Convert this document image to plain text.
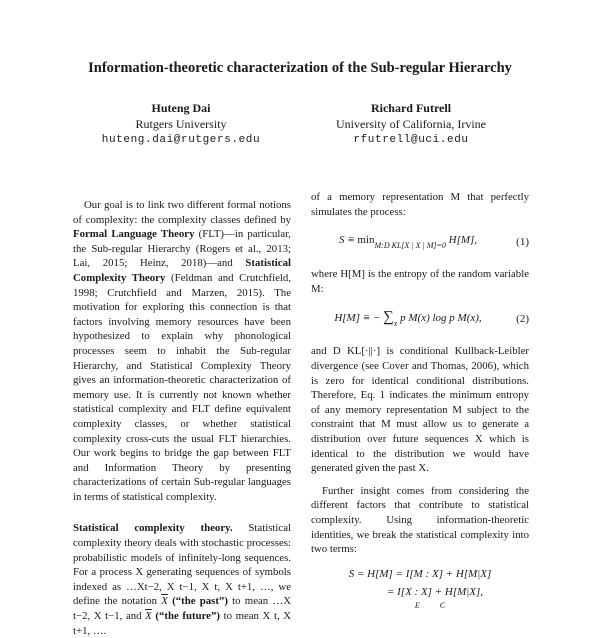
Information-theoretic characterization of the Sub-regular Hierarchy
Huteng Dai
Rutgers University
huteng.dai@rutgers.edu
Richard Futrell
University of California, Irvine
rfutrell@uci.edu

Our goal is to link two different formal notions of complexity: the complexity classes defined by Formal Language Theory (FLT)—in particular, the Sub-regular Hierarchy (Rogers et al., 2013; Lai, 2015; Heinz, 2018)—and Statistical Complexity Theory (Feldman and Crutchfield, 1998; Crutchfield and Marzen, 2015). The motivation for exploring this connection is that factors involving memory resources have been hypothesized to explain why phonological processes seem to inhabit the Sub-regular Hierarchy, and Statistical Complexity Theory gives an information-theoretic characterization of memory use. It is currently not known whether statistical complexity and FLT define equivalent complexity classes, or whether statistical complexity cross-cuts the usual FLT hierarchies. Our work begins to bridge the gap between FLT and Information Theory by presenting characterizations of certain Sub-regular languages in terms of statistical complexity.

Statistical complexity theory. Statistical complexity theory deals with stochastic processes: probabilistic models of infinitely-long sequences. For a process X generating sequences of symbols indexed as …Xt−2, X t−1, X t, X t+1, …, we define the notation $\overline{X}$ (“the past”) to mean …X t−2, X t−1, and $\overline{X}$ (“the future”) to mean X t, X t+1, ….

of a memory representation M that perfectly simulates the process:

$S \equiv \min_{M:D KL[X | X | M]=0} H[M]$,	(1)

where H[M] is the entropy of the random variable M:

H[M] ≡ − $\sum_x$ p M(x) log p M(x),	(2)

and D KL[·||·] is conditional Kullback-Leibler divergence (see Cover and Thomas, 2006), which is zero for identical conditional distributions. Therefore, Eq. 1 indicates the minimum entropy of any memory representation M subject to the constraint that M must allow us to generate a distribution over future sequences X which is identical to the distribution we would have generated given the past X.

Further insight comes from considering the different factors that contribute to statistical complexity. Using information-theoretic identities, we break the statistical complexity into two terms:

S = H[M] = I[M : X] + H[M|X]
= I[X : X] + H[M|X],
E          C
